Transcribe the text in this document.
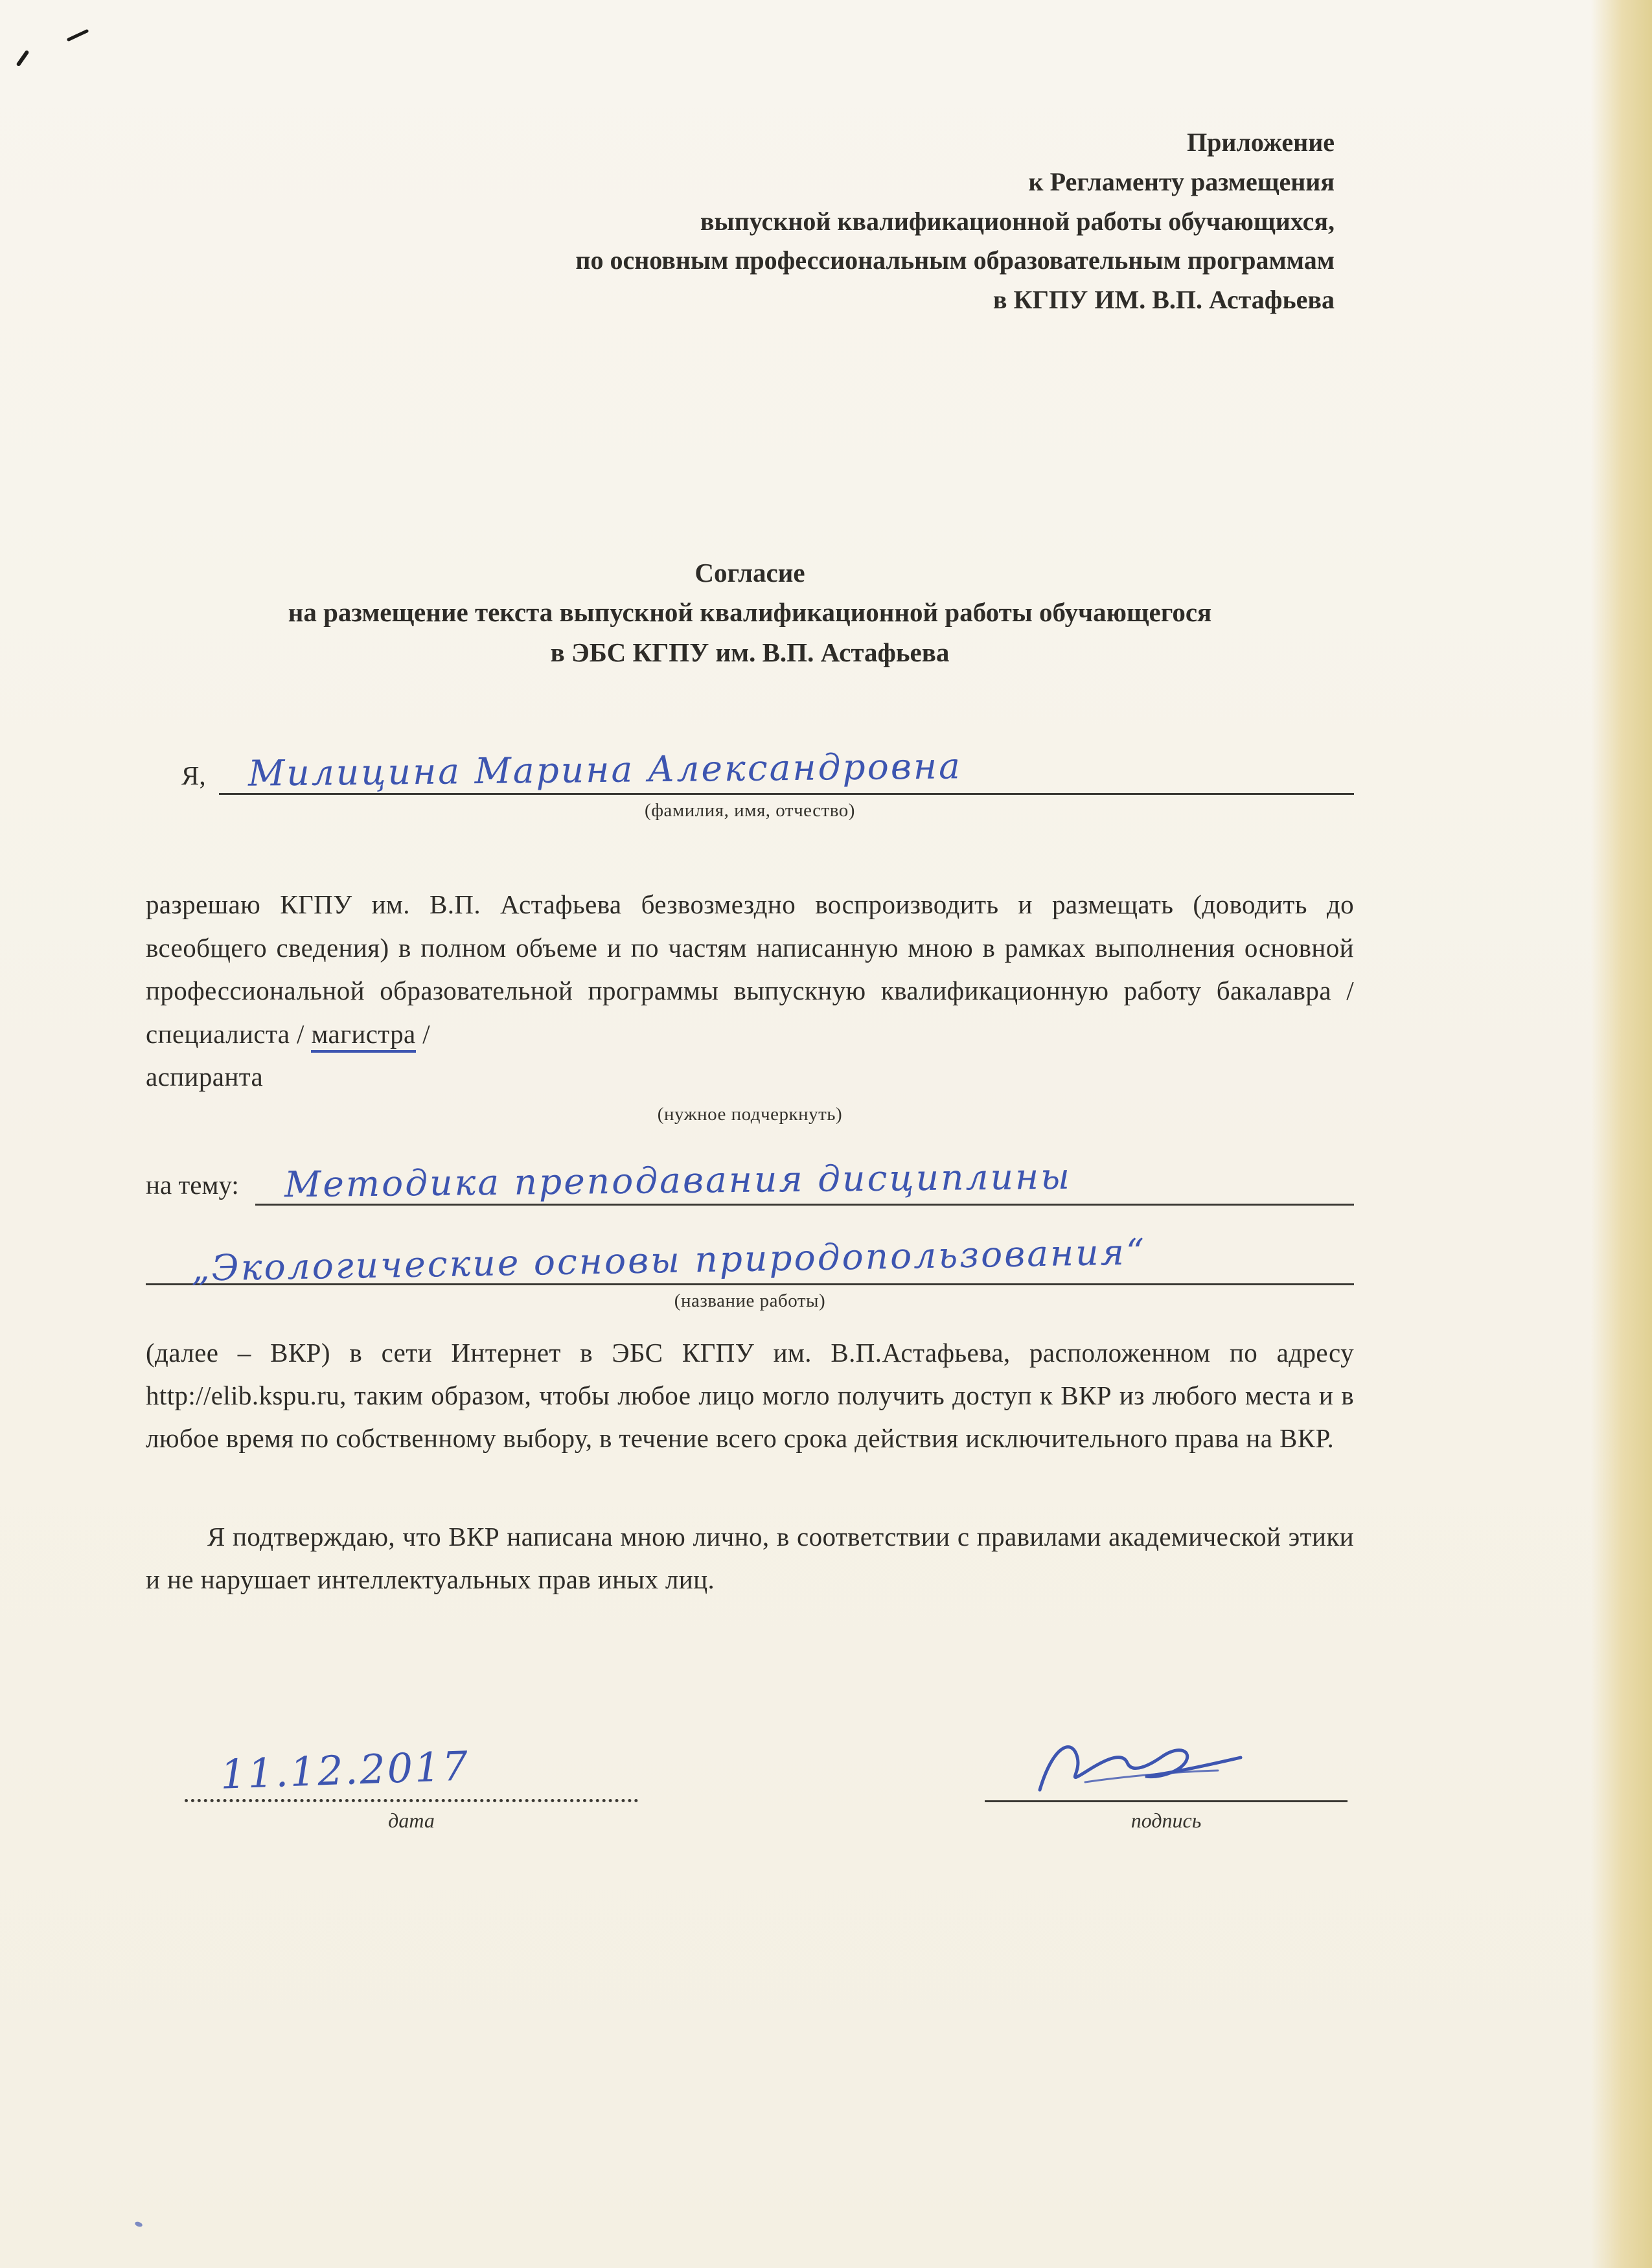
Приложение
к Регламенту размещения
выпускной квалификационной работы обучающихся,
по основным профессиональным образовательным программам
в КГПУ ИМ. В.П. Астафьева
Согласие
на размещение текста выпускной квалификационной работы обучающегося
в ЭБС КГПУ им. В.П. Астафьева
Я,	Милицина Марина Александровна
(фамилия, имя, отчество)

разрешаю КГПУ им. В.П. Астафьева безвозмездно воспроизводить и размещать (доводить до всеобщего сведения) в полном объеме и по частям написанную мною в рамках выполнения основной профессиональной образовательной программы выпускную квалификационную работу бакалавра / специалиста / магистра /
аспиранта

(нужное подчеркнуть)
на тему:	Методика преподавания дисциплины
„Экологические основы природопользования“
(название работы)

(далее – ВКР) в сети Интернет в ЭБС КГПУ им. В.П.Астафьева, расположенном по адресу http://elib.kspu.ru, таким образом, чтобы любое лицо могло получить доступ к ВКР из любого места и в любое время по собственному выбору, в течение всего срока действия исключительного права на ВКР.

Я подтверждаю, что ВКР написана мною лично, в соответствии с правилами академической этики и не нарушает интеллектуальных прав иных лиц.

11.12.2017
дата	подпись
